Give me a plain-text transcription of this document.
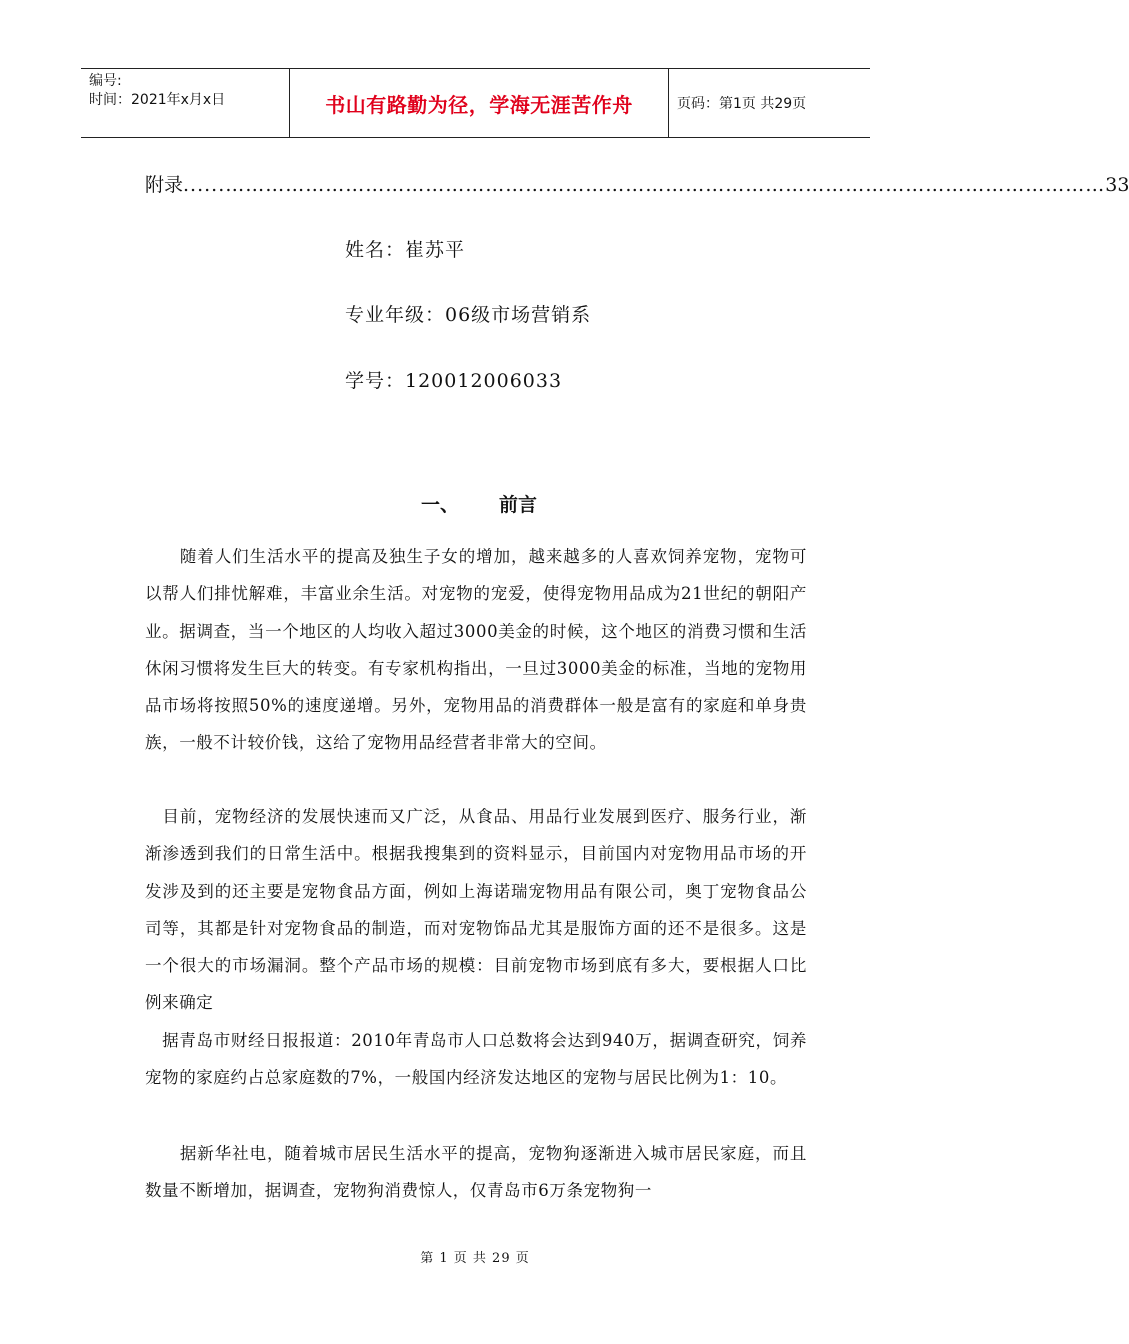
编号:
时间：2021年x月x日	书山有路勤为径，学海无涯苦作舟	页码：第1页 共29页
附录 ......…………………………………………………………………………………………………………………… 33
姓名：崔苏平
专业年级：06级市场营销系
学号：120012006033
一、 前言
　　随着人们生活水平的提高及独生子女的增加，越来越多的人喜欢饲养宠物，宠物可以帮人们排忧解难，丰富业余生活。对宠物的宠爱，使得宠物用品成为21世纪的朝阳产业。据调查，当一个地区的人均收入超过3000美金的时候，这个地区的消费习惯和生活休闲习惯将发生巨大的转变。有专家机构指出，一旦过3000美金的标准，当地的宠物用品市场将按照50%的速度递增。另外，宠物用品的消费群体一般是富有的家庭和单身贵族，一般不计较价钱，这给了宠物用品经营者非常大的空间。
　目前，宠物经济的发展快速而又广泛，从食品、用品行业发展到医疗、服务行业，渐渐渗透到我们的日常生活中。根据我搜集到的资料显示，目前国内对宠物用品市场的开发涉及到的还主要是宠物食品方面，例如上海诺瑞宠物用品有限公司，奥丁宠物食品公司等，其都是针对宠物食品的制造，而对宠物饰品尤其是服饰方面的还不是很多。这是一个很大的市场漏洞。整个产品市场的规模：目前宠物市场到底有多大，要根据人口比例来确定
　据青岛市财经日报报道：2010年青岛市人口总数将会达到940万，据调查研究，饲养宠物的家庭约占总家庭数的7%，一般国内经济发达地区的宠物与居民比例为1：10。
　　据新华社电，随着城市居民生活水平的提高，宠物狗逐渐进入城市居民家庭，而且数量不断增加，据调查，宠物狗消费惊人，仅青岛市6万条宠物狗一
第 1 页 共 29 页
